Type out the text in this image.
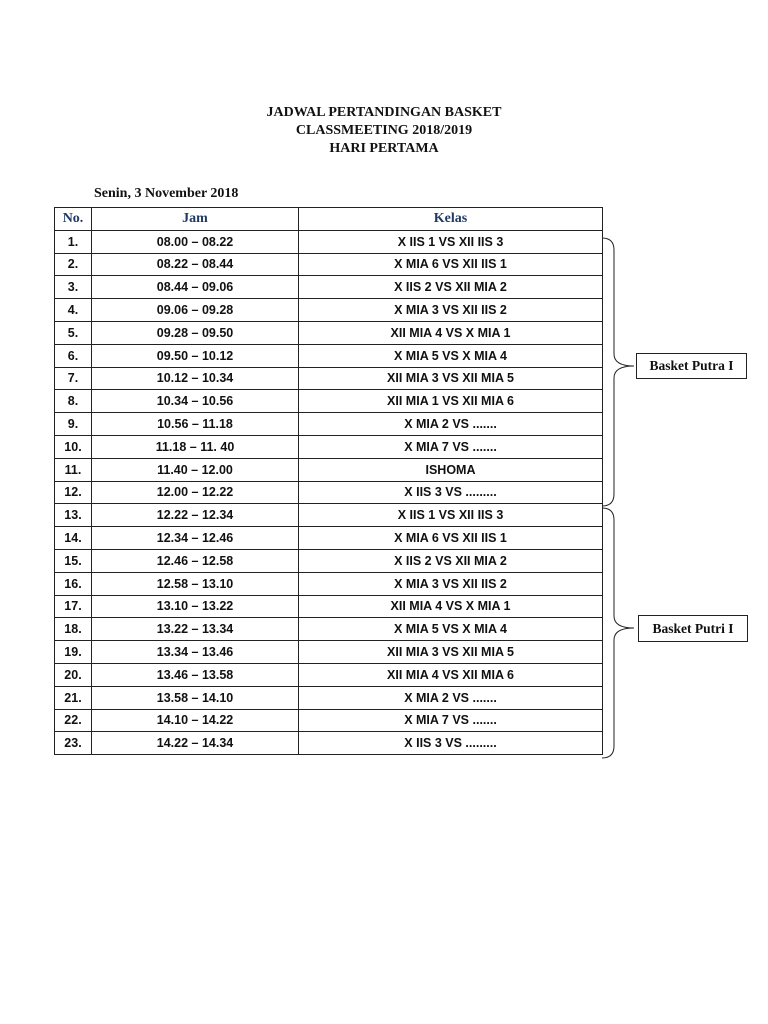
JADWAL PERTANDINGAN BASKET
CLASSMEETING 2018/2019
HARI PERTAMA
Senin, 3 November 2018
No.	Jam	Kelas
1.	08.00 – 08.22	X IIS 1 VS XII IIS 3
2.	08.22 – 08.44	X MIA 6 VS XII IIS 1
3.	08.44 – 09.06	X IIS 2 VS XII MIA 2
4.	09.06 – 09.28	X MIA 3 VS XII IIS 2
5.	09.28 – 09.50	XII MIA 4 VS X MIA 1
6.	09.50 – 10.12	X MIA 5 VS X MIA 4
7.	10.12 – 10.34	XII MIA 3 VS XII MIA 5
8.	10.34 – 10.56	XII MIA 1 VS XII MIA 6
9.	10.56 – 11.18	X MIA 2 VS .......
10.	11.18 – 11. 40	X MIA 7 VS .......
11.	11.40 – 12.00	ISHOMA
12.	12.00 – 12.22	X IIS 3 VS .........
13.	12.22 – 12.34	X IIS 1 VS XII IIS 3
14.	12.34 – 12.46	X MIA 6 VS XII IIS 1
15.	12.46 – 12.58	X IIS 2 VS XII MIA 2
16.	12.58 – 13.10	X MIA 3 VS XII IIS 2
17.	13.10 – 13.22	XII MIA 4 VS X MIA 1
18.	13.22 – 13.34	X MIA 5 VS X MIA 4
19.	13.34 – 13.46	XII MIA 3 VS XII MIA 5
20.	13.46 – 13.58	XII MIA 4 VS XII MIA 6
21.	13.58 – 14.10	X MIA 2 VS .......
22.	14.10 – 14.22	X MIA 7 VS .......
23.	14.22 – 14.34	X IIS 3 VS .........
Basket Putra I
Basket Putri I
